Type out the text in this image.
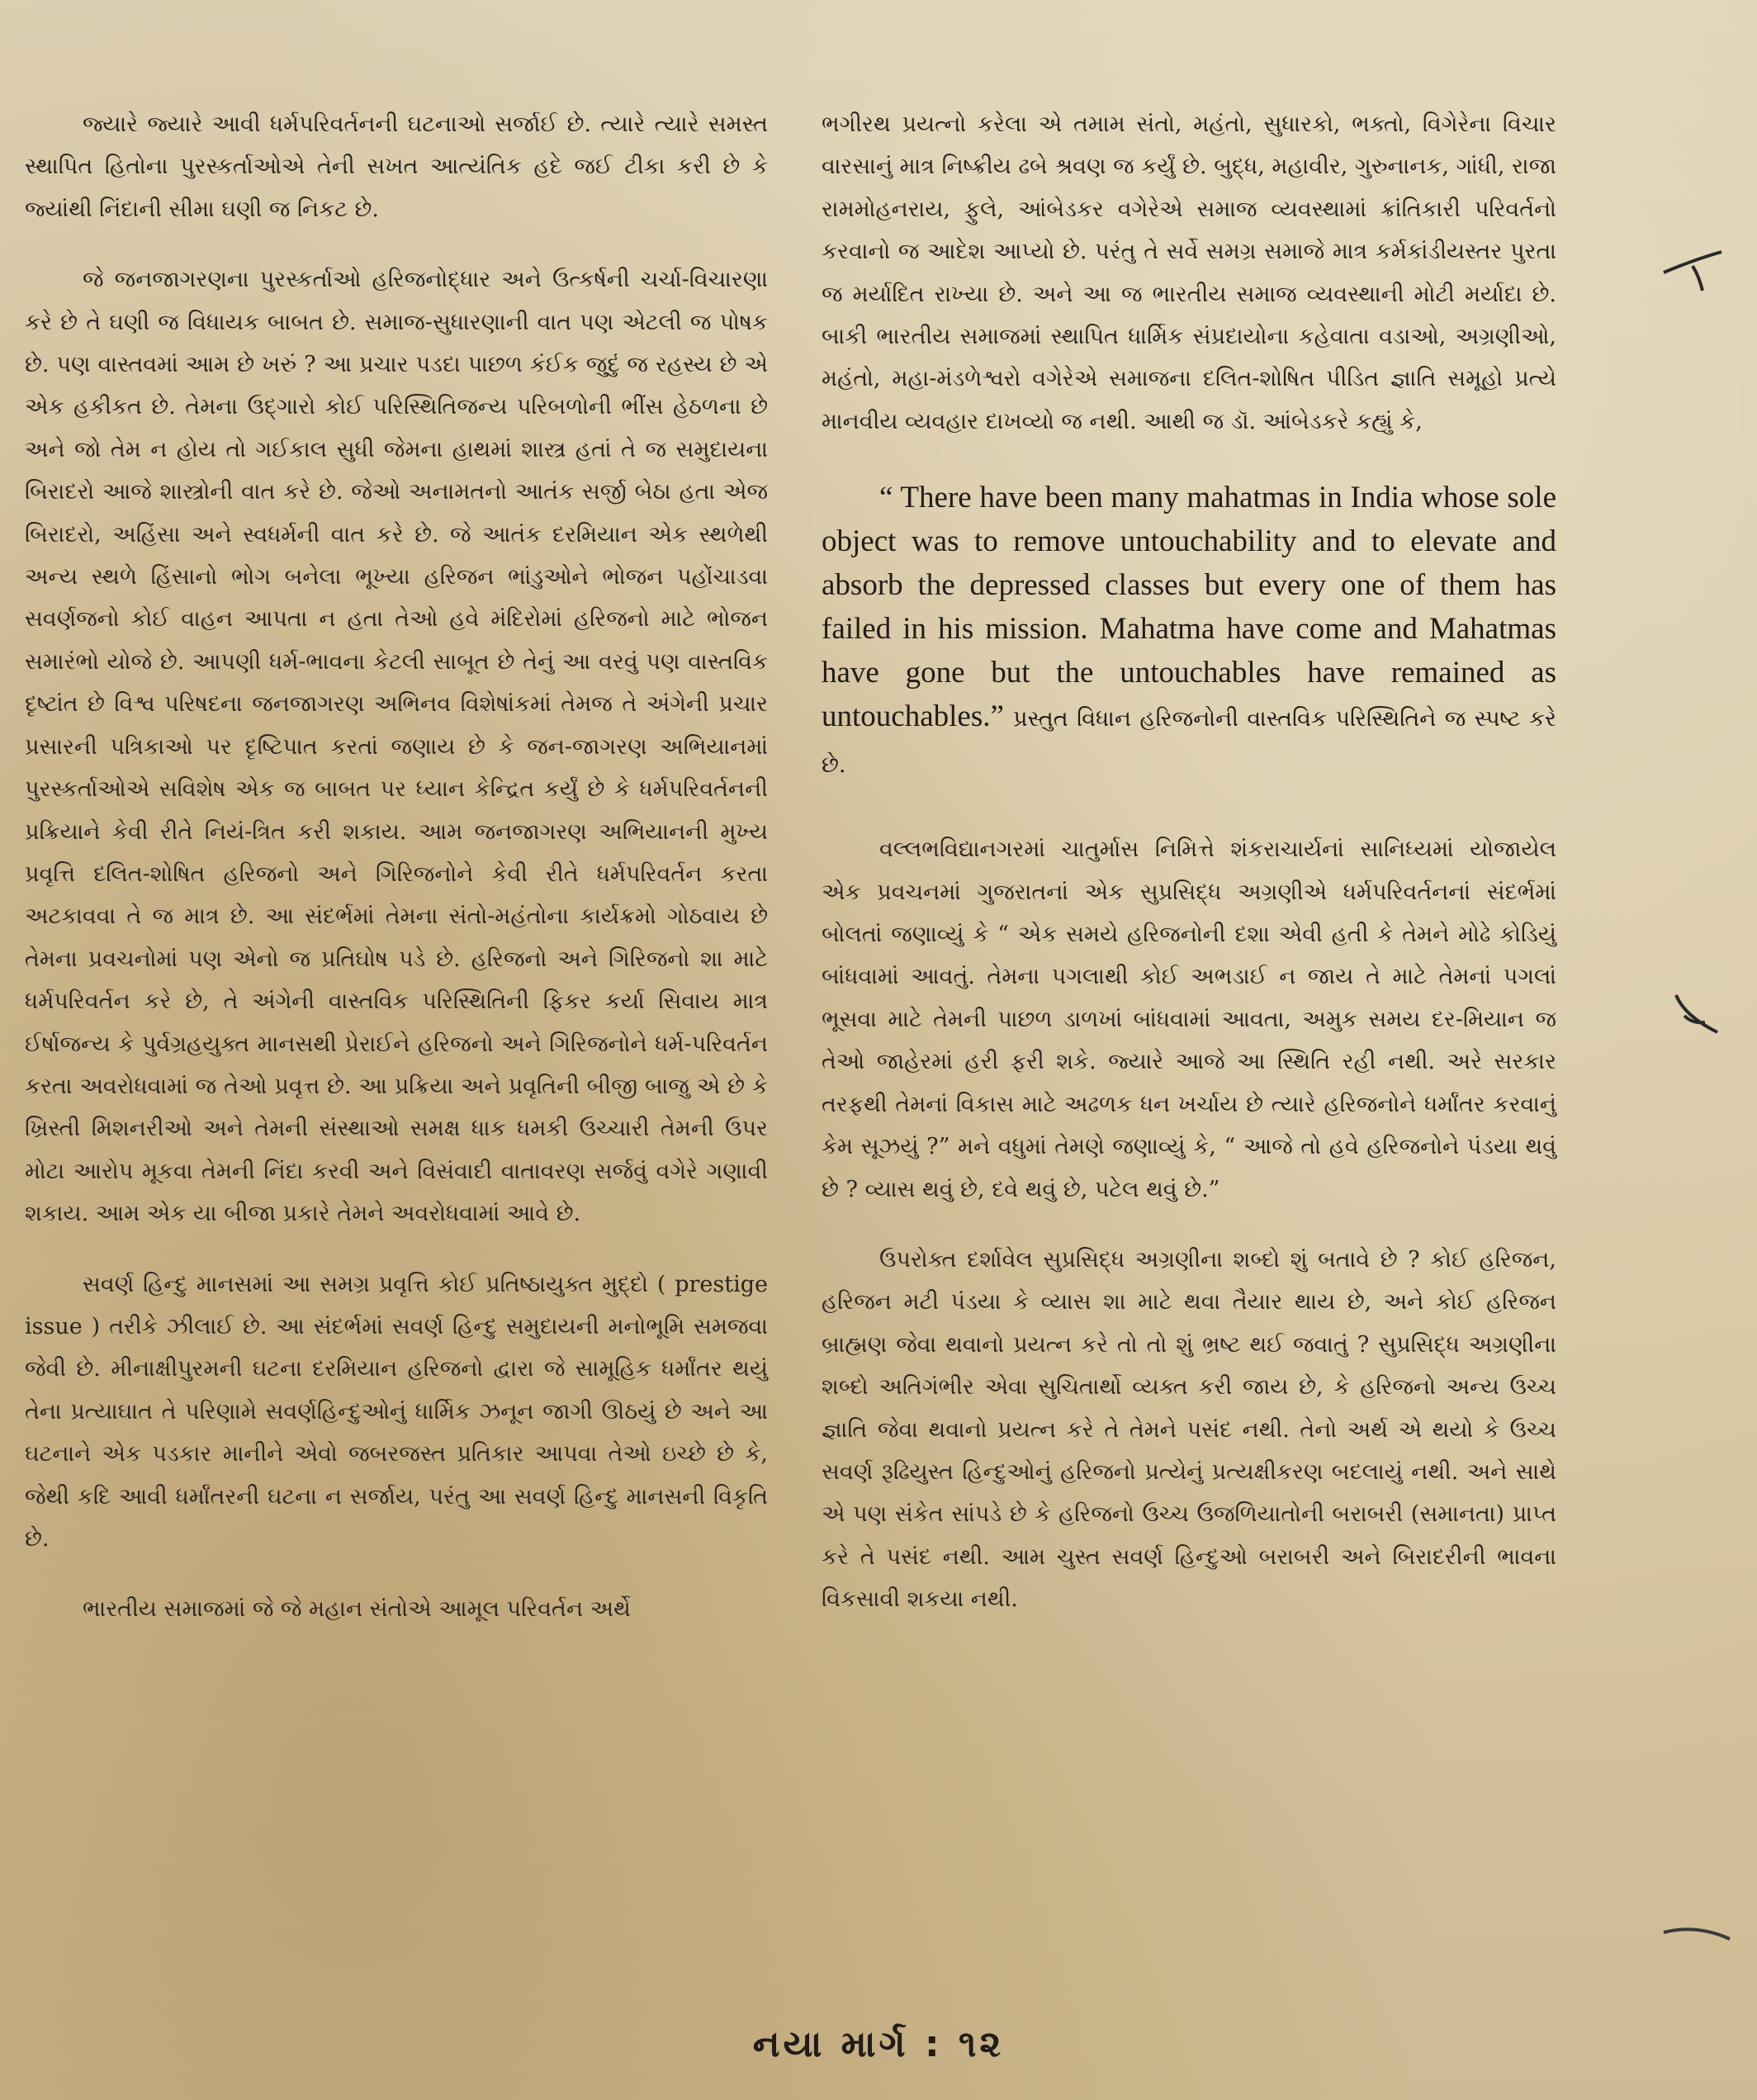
જ્યારે જ્યારે આવી ધર્મપરિવર્તનની ઘટનાઓ સર્જાઈ છે. ત્યારે ત્યારે સમસ્ત સ્થાપિત હિતોના પુરસ્કર્તાઓએ તેની સખત આત્યંતિક હદે જઈ ટીકા કરી છે કે જ્યાંથી નિંદાની સીમા ઘણી જ નિકટ છે.

જે જનજાગરણના પુરસ્કર્તાઓ હરિજનોદ્ધાર અને ઉત્કર્ષની ચર્ચા-વિચારણા કરે છે તે ઘણી જ વિધાયક બાબત છે. સમાજ-સુધારણાની વાત પણ એટલી જ પોષક છે. પણ વાસ્તવમાં આમ છે ખરું ? આ પ્રચાર પડદા પાછળ કંઈક જુદું જ રહસ્ય છે એ એક હકીકત છે. તેમના ઉદ્‌ગારો કોઈ પરિસ્થિતિજન્ય પરિબળોની ભીંસ હેઠળના છે અને જો તેમ ન હોય તો ગઈકાલ સુધી જેમના હાથમાં શાસ્ત્ર હતાં તે જ સમુદાયના બિરાદરો આજે શાસ્ત્રોની વાત કરે છે. જેઓ અનામતનો આતંક સર્જી બેઠા હતા એજ બિરાદરો, અહિંસા અને સ્વધર્મની વાત કરે છે. જે આતંક દરમિયાન એક સ્થળેથી અન્ય સ્થળે હિંસાનો ભોગ બનેલા ભૂખ્યા હરિજન ભાંડુઓને ભોજન પહોંચાડવા સવર્ણજનો કોઈ વાહન આપતા ન હતા તેઓ હવે મંદિરોમાં હરિજનો માટે ભોજન સમારંભો યોજે છે. આપણી ધર્મ-ભાવના કેટલી સાબૂત છે તેનું આ વરવું પણ વાસ્તવિક દૃષ્ટાંત છે વિશ્વ પરિષદના જનજાગરણ અભિનવ વિશેષાંકમાં તેમજ તે અંગેની પ્રચાર પ્રસારની પત્રિકાઓ પર દૃષ્ટિપાત કરતાં જણાય છે કે જન-જાગરણ અભિયાનમાં પુરસ્કર્તાઓએ સવિશેષ એક જ બાબત પર ધ્યાન કેન્દ્રિત કર્યું છે કે ધર્મપરિવર્તનની પ્રક્રિયાને કેવી રીતે નિયં-ત્રિત કરી શકાય. આમ જનજાગરણ અભિયાનની મુખ્ય પ્રવૃત્તિ દલિત-શોષિત હરિજનો અને ગિરિજનોને કેવી રીતે ધર્મપરિવર્તન કરતા અટકાવવા તે જ માત્ર છે. આ સંદર્ભમાં તેમના સંતો-મહંતોના કાર્યક્રમો ગોઠવાય છે તેમના પ્રવચનોમાં પણ એનો જ પ્રતિઘોષ પડે છે. હરિજનો અને ગિરિજનો શા માટે ધર્મપરિવર્તન કરે છે, તે અંગેની વાસ્તવિક પરિસ્થિતિની ફિકર કર્યા સિવાય માત્ર ઈર્ષાજન્ય કે પુર્વગ્રહયુક્ત માનસથી પ્રેરાઈને હરિજનો અને ગિરિજનોને ધર્મ-પરિવર્તન કરતા અવરોધવામાં જ તેઓ પ્રવૃત્ત છે. આ પ્રક્રિયા અને પ્રવૃતિની બીજી બાજુ એ છે કે ખ્રિસ્તી મિશનરીઓ અને તેમની સંસ્થાઓ સમક્ષ ધાક ધમકી ઉચ્ચારી તેમની ઉપર મોટા આરોપ મૂકવા તેમની નિંદા કરવી અને વિસંવાદી વાતાવરણ સર્જવું વગેરે ગણાવી શકાય. આમ એક યા બીજા પ્રકારે તેમને અવરોધવામાં આવે છે.

સવર્ણ હિન્દુ માનસમાં આ સમગ્ર પ્રવૃત્તિ કોઈ પ્રતિષ્ઠાયુક્ત મુદ્દો ( prestige issue ) તરીકે ઝીલાઈ છે. આ સંદર્ભમાં સવર્ણ હિન્દુ સમુદાયની મનોભૂમિ સમજવા જેવી છે. મીનાક્ષીપુરમની ઘટના દરમિયાન હરિજનો દ્વારા જે સામૂહિક ધર્માંતર થયું તેના પ્રત્યાઘાત તે પરિણામે સવર્ણહિન્દુઓનું ધાર્મિક ઝનૂન જાગી ઊઠયું છે અને આ ઘટનાને એક પડકાર માનીને એવો જબરજસ્ત પ્રતિકાર આપવા તેઓ ઇચ્છે છે કે, જેથી કદિ આવી ધર્માંતરની ઘટના ન સર્જાય, પરંતુ આ સવર્ણ હિન્દુ માનસની વિકૃતિ છે.

ભારતીય સમાજમાં જે જે મહાન સંતોએ આમૂલ પરિવર્તન અર્થે

ભગીરથ પ્રયત્નો કરેલા એ તમામ સંતો, મહંતો, સુધારકો, ભક્તો, વિગેરેના વિચાર વારસાનું માત્ર નિષ્ક્રીય ઢબે શ્રવણ જ કર્યું છે. બુદ્ધ, મહાવીર, ગુરુનાનક, ગાંધી, રાજા રામમોહનરાય, ફુલે, આંબેડકર વગેરેએ સમાજ વ્યવસ્થામાં ક્રાંતિકારી પરિવર્તનો કરવાનો જ આદેશ આપ્યો છે. પરંતુ તે સર્વે સમગ્ર સમાજે માત્ર કર્મકાંડીયસ્તર પુરતા જ મર્યાદિત રાખ્યા છે. અને આ જ ભારતીય સમાજ વ્યવસ્થાની મોટી મર્યાદા છે. બાકી ભારતીય સમાજમાં સ્થાપિત ધાર્મિક સંપ્રદાયોના કહેવાતા વડાઓ, અગ્રણીઓ, મહંતો, મહા-મંડળેશ્વરો વગેરેએ સમાજના દલિત-શોષિત પીડિત જ્ઞાતિ સમૂહો પ્રત્યે માનવીય વ્યવહાર દાખવ્યો જ નથી. આથી જ ડૉ. આંબેડકરે કહ્યું કે,

“ There have been many mahatmas in India whose sole object was to remove untouchability and to elevate and absorb the depressed classes but every one of them has failed in his mission. Mahatma have come and Mahatmas have gone but the untouchables have remained as untouchables.” પ્રસ્તુત વિધાન હરિજનોની વાસ્તવિક પરિસ્થિતિને જ સ્પષ્ટ કરે છે.

વલ્લભવિદ્યાનગરમાં ચાતુર્માસ નિમિત્તે શંકરાચાર્યનાં સાનિધ્યમાં યોજાયેલ એક પ્રવચનમાં ગુજરાતનાં એક સુપ્રસિદ્ધ અગ્રણીએ ધર્મપરિવર્તનનાં સંદર્ભમાં બોલતાં જણાવ્યું કે “ એક સમયે હરિજનોની દશા એવી હતી કે તેમને મોઢે કોડિયું બાંધવામાં આવતું. તેમના પગલાથી કોઈ અભડાઈ ન જાય તે માટે તેમનાં પગલાં ભૂસવા માટે તેમની પાછળ ડાળખાં બાંધવામાં આવતા, અમુક સમય દર-મિયાન જ તેઓ જાહેરમાં હરી ફરી શકે. જ્યારે આજે આ સ્થિતિ રહી નથી. અરે સરકાર તરફથી તેમનાં વિકાસ માટે અઢળક ધન ખર્ચાય છે ત્યારે હરિજનોને ધર્માંતર કરવાનું કેમ સૂઝયું ?” મને વધુમાં તેમણે જણાવ્યું કે, “ આજે તો હવે હરિજનોને પંડયા થવું છે ? વ્યાસ થવું છે, દવે થવું છે, પટેલ થવું છે.”

ઉપરોક્ત દર્શાવેલ સુપ્રસિદ્ધ અગ્રણીના શબ્દો શું બતાવે છે ? કોઈ હરિજન, હરિજન મટી પંડયા કે વ્યાસ શા માટે થવા તૈયાર થાય છે, અને કોઈ હરિજન બ્રાહ્મણ જેવા થવાનો પ્રયત્ન કરે તો તો શું ભ્રષ્ટ થઈ જવાતું ? સુપ્રસિદ્ધ અગ્રણીના શબ્દો અતિગંભીર એવા સુચિતાર્થો વ્યક્ત કરી જાય છે, કે હરિજનો અન્ય ઉચ્ચ જ્ઞાતિ જેવા થવાનો પ્રયત્ન કરે તે તેમને પસંદ નથી. તેનો અર્થ એ થયો કે ઉચ્ચ સવર્ણ રૂઢિયુસ્ત હિન્દુઓનું હરિજનો પ્રત્યેનું પ્રત્યક્ષીકરણ બદલાયું નથી. અને સાથે એ પણ સંકેત સાંપડે છે કે હરિજનો ઉચ્ચ ઉજળિયાતોની બરાબરી (સમાનતા) પ્રાપ્ત કરે તે પસંદ નથી. આમ ચુસ્ત સવર્ણ હિન્દુઓ બરાબરી અને બિરાદરીની ભાવના વિકસાવી શકયા નથી.

નયા માર્ગ : ૧૨
